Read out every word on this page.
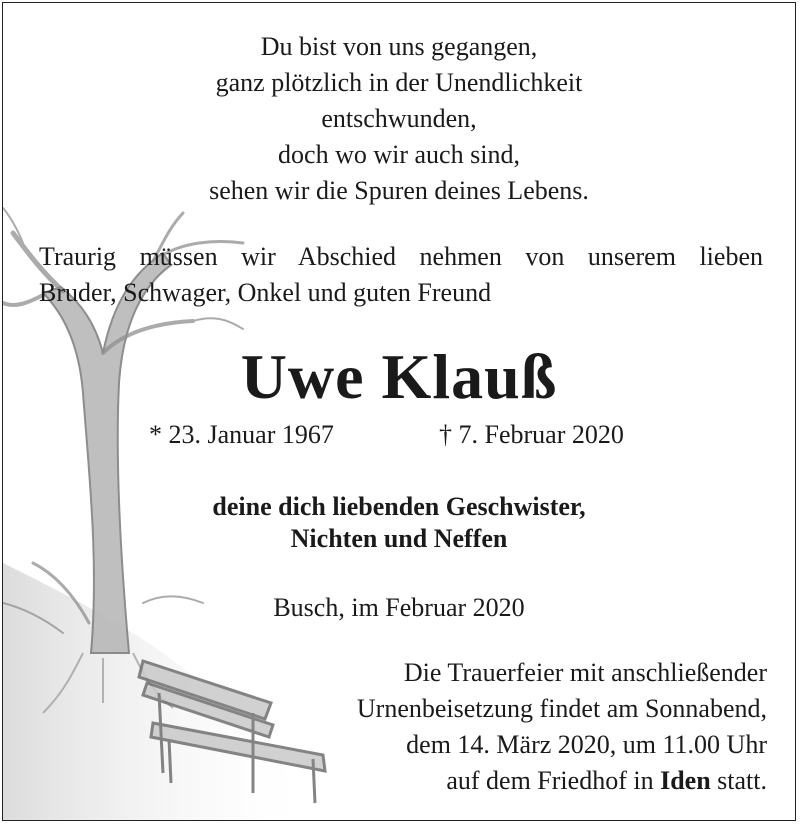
Du bist von uns gegangen,
ganz plötzlich in der Unendlichkeit
entschwunden,
doch wo wir auch sind,
sehen wir die Spuren deines Lebens.
Traurig müssen wir Abschied nehmen von unserem lieben
Bruder, Schwager, Onkel und guten Freund
Uwe Klauß
* 23. Januar 1967	† 7. Februar 2020
deine dich liebenden Geschwister,
Nichten und Neffen
Busch, im Februar 2020
Die Trauerfeier mit anschließender
Urnenbeisetzung findet am Sonnabend,
dem 14. März 2020, um 11.00 Uhr
auf dem Friedhof in Iden statt.
